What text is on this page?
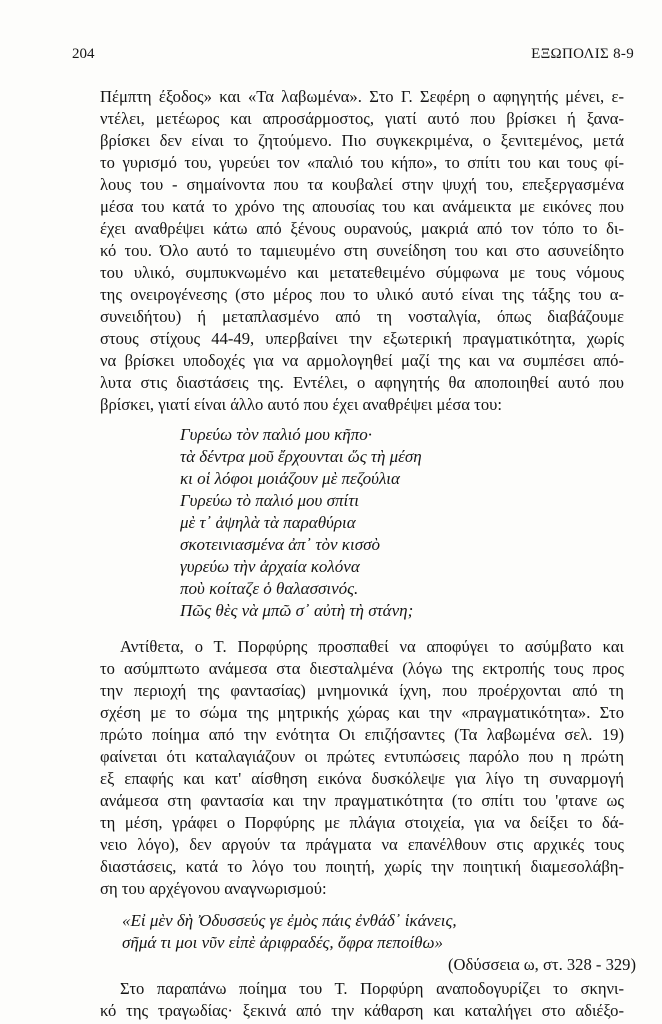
204	ΕΞΩΠΟΛΙΣ 8-9
Πέμπτη έξοδος» και «Τα λαβωμένα». Στο Γ. Σεφέρη ο αφηγητής μένει, ε-
ντέλει, μετέωρος και απροσάρμοστος, γιατί αυτό που βρίσκει ή ξανα-
βρίσκει δεν είναι το ζητούμενο. Πιο συγκεκριμένα, ο ξενιτεμένος, μετά
το γυρισμό του, γυρεύει τον «παλιό του κήπο», το σπίτι του και τους φί-
λους του - σημαίνοντα που τα κουβαλεί στην ψυχή του, επεξεργασμένα
μέσα του κατά το χρόνο της απουσίας του και ανάμεικτα με εικόνες που
έχει αναθρέψει κάτω από ξένους ουρανούς, μακριά από τον τόπο το δι-
κό του. Όλο αυτό το ταμιευμένο στη συνείδηση του και στο ασυνείδητο
του υλικό, συμπυκνωμένο και μετατεθειμένο σύμφωνα με τους νόμους
της ονειρογένεσης (στο μέρος που το υλικό αυτό είναι της τάξης του α-
συνειδήτου) ή μεταπλασμένο από τη νοσταλγία, όπως διαβάζουμε
στους στίχους 44-49, υπερβαίνει την εξωτερική πραγματικότητα, χωρίς
να βρίσκει υποδοχές για να αρμολογηθεί μαζί της και να συμπέσει από-
λυτα στις διαστάσεις της. Εντέλει, ο αφηγητής θα αποποιηθεί αυτό που
βρίσκει, γιατί είναι άλλο αυτό που έχει αναθρέψει μέσα του:
Γυρεύω τὸν παλιό μου κῆπο·
τὰ δέντρα μοῦ ἔρχουνται ὥς τὴ μέση
κι οἱ λόφοι μοιάζουν μὲ πεζούλια
Γυρεύω τὸ παλιό μου σπίτι
μὲ τ᾿ ἀψηλὰ τὰ παραθύρια
σκοτεινιασμένα ἀπ᾿ τὸν κισσὸ
γυρεύω τὴν ἀρχαία κολόνα
ποὺ κοίταζε ὁ θαλασσινός.
Πῶς θὲς νὰ μπῶ σ᾿ αὐτὴ τὴ στάνη;
Αντίθετα, ο Τ. Πορφύρης προσπαθεί να αποφύγει το ασύμβατο και
το ασύμπτωτο ανάμεσα στα διεσταλμένα (λόγω της εκτροπής τους προς
την περιοχή της φαντασίας) μνημονικά ίχνη, που προέρχονται από τη
σχέση με το σώμα της μητρικής χώρας και την «πραγματικότητα». Στο
πρώτο ποίημα από την ενότητα Οι επιζήσαντες (Τα λαβωμένα σελ. 19)
φαίνεται ότι καταλαγιάζουν οι πρώτες εντυπώσεις παρόλο που η πρώτη
εξ επαφής και κατ' αίσθηση εικόνα δυσκόλεψε για λίγο τη συναρμογή
ανάμεσα στη φαντασία και την πραγματικότητα (το σπίτι του 'φτανε ως
τη μέση, γράφει ο Πορφύρης με πλάγια στοιχεία, για να δείξει το δά-
νειο λόγο), δεν αργούν τα πράγματα να επανέλθουν στις αρχικές τους
διαστάσεις, κατά το λόγο του ποιητή, χωρίς την ποιητική διαμεσολάβη-
ση του αρχέγονου αναγνωρισμού:
«Εἰ μὲν δὴ Ὀδυσσεύς γε ἐμὸς πάις ἐνθάδ᾿ ἱκάνεις,
σῆμά τι μοι νῦν εἰπὲ ἀριφραδές, ὄφρα πεποίθω»
(Οδύσσεια ω, στ. 328 - 329)
Στο παραπάνω ποίημα του Τ. Πορφύρη αναποδογυρίζει το σκηνι-
κό της τραγωδίας· ξεκινά από την κάθαρση και καταλήγει στο αδιέξο-
